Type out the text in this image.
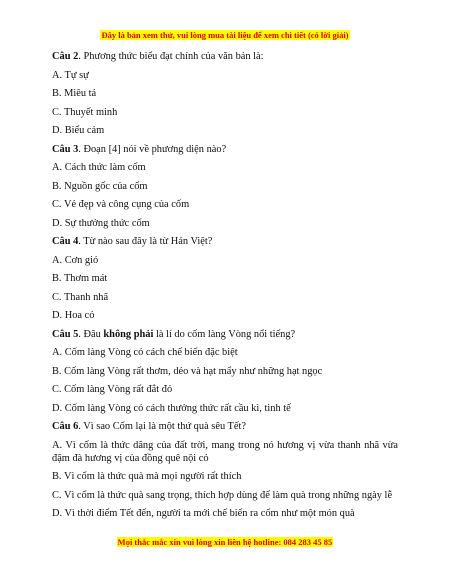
Đây là bản xem thử, vui lòng mua tài liệu để xem chi tiết (có lời giải)
Câu 2. Phương thức biểu đạt chính của văn bản là:
A. Tự sự
B. Miêu tả
C. Thuyết minh
D. Biểu cảm
Câu 3. Đoạn [4] nói về phương diện nào?
A. Cách thức làm cốm
B. Nguồn gốc của cốm
C. Vẻ đẹp và công cụng của cốm
D. Sự thưởng thức cốm
Câu 4. Từ nào sau đây là từ Hán Việt?
A. Cơn gió
B. Thơm mát
C. Thanh nhã
D. Hoa cỏ
Câu 5. Đâu không phải là lí do cốm làng Vòng nổi tiếng?
A. Cốm làng Vòng có cách chế biến đặc biệt
B. Cốm làng Vòng rất thơm, dẻo và hạt mẩy như những hạt ngọc
C. Cốm làng Vòng rất đắt đỏ
D. Cốm làng Vòng có cách thưởng thức rất cầu kì, tinh tế
Câu 6. Vì sao Cốm lại là một thứ quà sêu Tết?
A. Vì cốm là thức dâng của đất trời, mang trong nó hương vị vừa thanh nhã vừa đậm đà hương vị của đồng quê nội cỏ
B. Vì cốm là thức quà mà mọi người rất thích
C. Vì cốm là thức quà sang trọng, thích hợp dùng để làm quà trong những ngày lễ
D. Vì thời điểm Tết đến, người ta mới chế biến ra cốm như một món quà
Mọi thắc mắc xin vui lòng xin liên hệ hotline: 084 283 45 85
